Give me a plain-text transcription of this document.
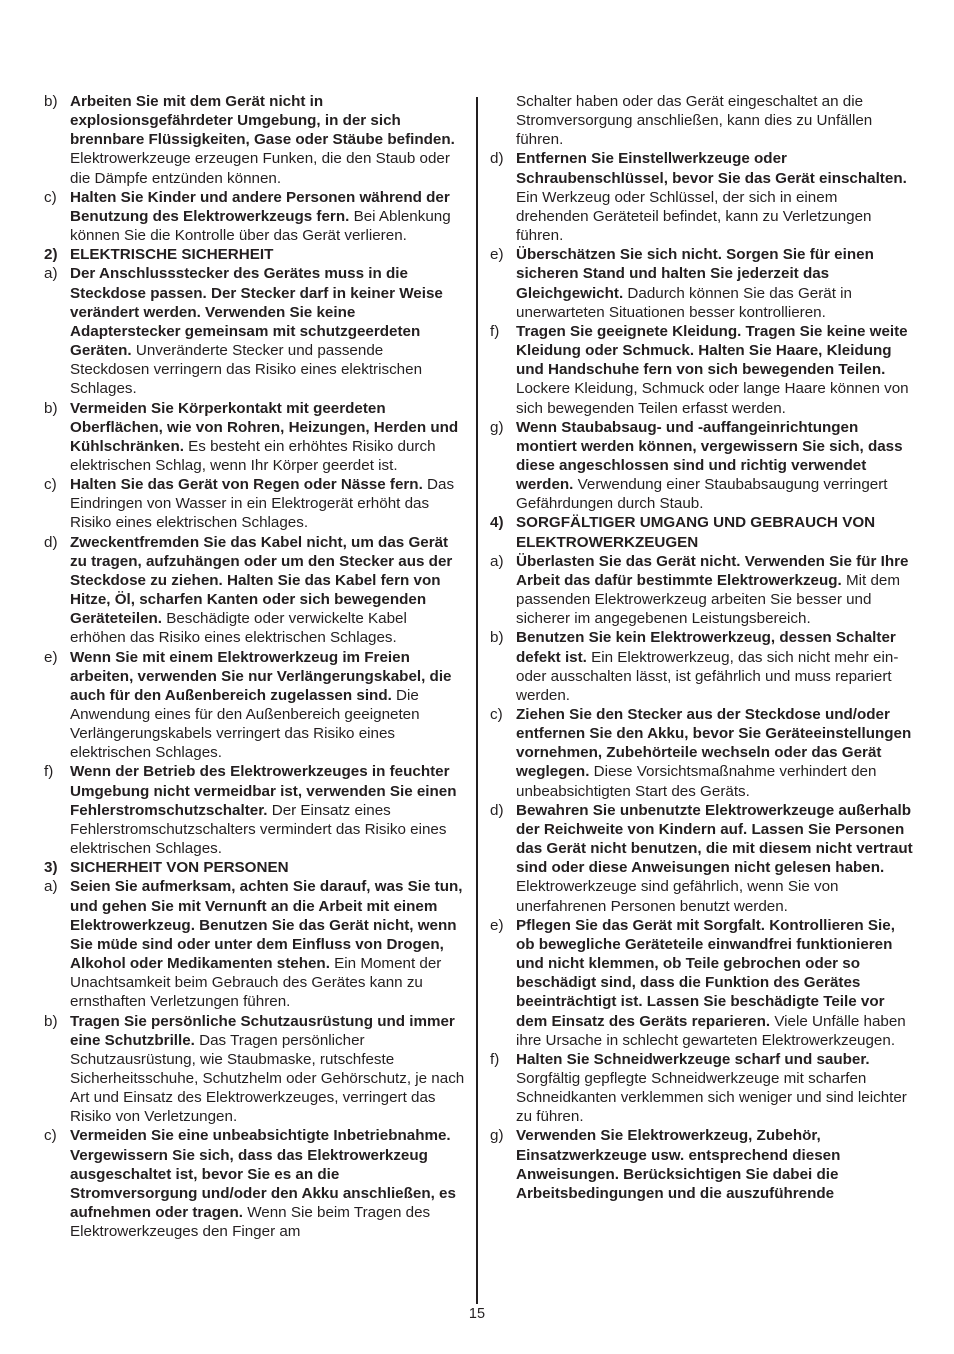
b) Arbeiten Sie mit dem Gerät nicht in explosionsgefährdeter Umgebung, in der sich brennbare Flüssigkeiten, Gase oder Stäube befinden. Elektrowerkzeuge erzeugen Funken, die den Staub oder die Dämpfe entzünden können.
c) Halten Sie Kinder und andere Personen während der Benutzung des Elektrowerkzeugs fern. Bei Ablenkung können Sie die Kontrolle über das Gerät verlieren.
2) ELEKTRISCHE SICHERHEIT
a) Der Anschlussstecker des Gerätes muss in die Steckdose passen. Der Stecker darf in keiner Weise verändert werden. Verwenden Sie keine Adapterstecker gemeinsam mit schutzgeerdeten Geräten. Unveränderte Stecker und passende Steckdosen verringern das Risiko eines elektrischen Schlages.
b) Vermeiden Sie Körperkontakt mit geerdeten Oberflächen, wie von Rohren, Heizungen, Herden und Kühlschränken. Es besteht ein erhöhtes Risiko durch elektrischen Schlag, wenn Ihr Körper geerdet ist.
c) Halten Sie das Gerät von Regen oder Nässe fern. Das Eindringen von Wasser in ein Elektrogerät erhöht das Risiko eines elektrischen Schlages.
d) Zweckentfremden Sie das Kabel nicht, um das Gerät zu tragen, aufzuhängen oder um den Stecker aus der Steckdose zu ziehen. Halten Sie das Kabel fern von Hitze, Öl, scharfen Kanten oder sich bewegenden Geräteteilen. Beschädigte oder verwickelte Kabel erhöhen das Risiko eines elektrischen Schlages.
e) Wenn Sie mit einem Elektrowerkzeug im Freien arbeiten, verwenden Sie nur Verlängerungskabel, die auch für den Außenbereich zugelassen sind. Die Anwendung eines für den Außenbereich geeigneten Verlängerungskabels verringert das Risiko eines elektrischen Schlages.
f)	Wenn der Betrieb des Elektrowerkzeuges in feuchter Umgebung nicht vermeidbar ist, verwenden Sie einen Fehlerstromschutzschalter. Der Einsatz eines Fehlerstromschutzschalters vermindert das Risiko eines elektrischen Schlages.
3) SICHERHEIT VON PERSONEN
a) Seien Sie aufmerksam, achten Sie darauf, was Sie tun, und gehen Sie mit Vernunft an die Arbeit mit einem Elektrowerkzeug. Benutzen Sie das Gerät nicht, wenn Sie müde sind oder unter dem Einfluss von Drogen, Alkohol oder Medikamenten stehen. Ein Moment der Unachtsamkeit beim Gebrauch des Gerätes kann zu ernsthaften Verletzungen führen.
b) Tragen Sie persönliche Schutzausrüstung und immer eine Schutzbrille. Das Tragen persönlicher Schutzausrüstung, wie Staubmaske, rutschfeste Sicherheitsschuhe, Schutzhelm oder Gehörschutz, je nach Art und Einsatz des Elektrowerkzeuges, verringert das Risiko von Verletzungen.
c) Vermeiden Sie eine unbeabsichtigte Inbetriebnahme. Vergewissern Sie sich, dass das Elektrowerkzeug ausgeschaltet ist, bevor Sie es an die Stromversorgung und/oder den Akku anschließen, es aufnehmen oder tragen. Wenn Sie beim Tragen des Elektrowerkzeuges den Finger am
Schalter haben oder das Gerät eingeschaltet an die Stromversorgung anschließen, kann dies zu Unfällen führen.
d) Entfernen Sie Einstellwerkzeuge oder Schraubenschlüssel, bevor Sie das Gerät einschalten. Ein Werkzeug oder Schlüssel, der sich in einem drehenden Geräteteil befindet, kann zu Verletzungen führen.
e) Überschätzen Sie sich nicht. Sorgen Sie für einen sicheren Stand und halten Sie jederzeit das Gleichgewicht. Dadurch können Sie das Gerät in unerwarteten Situationen besser kontrollieren.
f)	Tragen Sie geeignete Kleidung. Tragen Sie keine weite Kleidung oder Schmuck. Halten Sie Haare, Kleidung und Handschuhe fern von sich bewegenden Teilen. Lockere Kleidung, Schmuck oder lange Haare können von sich bewegenden Teilen erfasst werden.
g) Wenn Staubabsaug- und -auffangeinrichtungen montiert werden können, vergewissern Sie sich, dass diese angeschlossen sind und richtig verwendet werden. Verwendung einer Staubabsaugung verringert Gefährdungen durch Staub.
4) SORGFÄLTIGER UMGANG UND GEBRAUCH VON ELEKTROWERKZEUGEN
a) Überlasten Sie das Gerät nicht. Verwenden Sie für Ihre Arbeit das dafür bestimmte Elektrowerkzeug. Mit dem passenden Elektrowerkzeug arbeiten Sie besser und sicherer im angegebenen Leistungsbereich.
b) Benutzen Sie kein Elektrowerkzeug, dessen Schalter defekt ist. Ein Elektrowerkzeug, das sich nicht mehr ein- oder ausschalten lässt, ist gefährlich und muss repariert werden.
c) Ziehen Sie den Stecker aus der Steckdose und/oder entfernen Sie den Akku, bevor Sie Geräteeinstellungen vornehmen, Zubehörteile wechseln oder das Gerät weglegen. Diese Vorsichtsmaßnahme verhindert den unbeabsichtigten Start des Geräts.
d) Bewahren Sie unbenutzte Elektrowerkzeuge außerhalb der Reichweite von Kindern auf. Lassen Sie Personen das Gerät nicht benutzen, die mit diesem nicht vertraut sind oder diese Anweisungen nicht gelesen haben. Elektrowerkzeuge sind gefährlich, wenn Sie von unerfahrenen Personen benutzt werden.
e) Pflegen Sie das Gerät mit Sorgfalt. Kontrollieren Sie, ob bewegliche Geräteteile einwandfrei funktionieren und nicht klemmen, ob Teile gebrochen oder so beschädigt sind, dass die Funktion des Gerätes beeinträchtigt ist. Lassen Sie beschädigte Teile vor dem Einsatz des Geräts reparieren. Viele Unfälle haben ihre Ursache in schlecht gewarteten Elektrowerkzeugen.
f)	Halten Sie Schneidwerkzeuge scharf und sauber. Sorgfältig gepflegte Schneidwerkzeuge mit scharfen Schneidkanten verklemmen sich weniger und sind leichter zu führen.
g) Verwenden Sie Elektrowerkzeug, Zubehör, Einsatzwerkzeuge usw. entsprechend diesen Anweisungen. Berücksichtigen Sie dabei die Arbeitsbedingungen und die auszuführende
15
